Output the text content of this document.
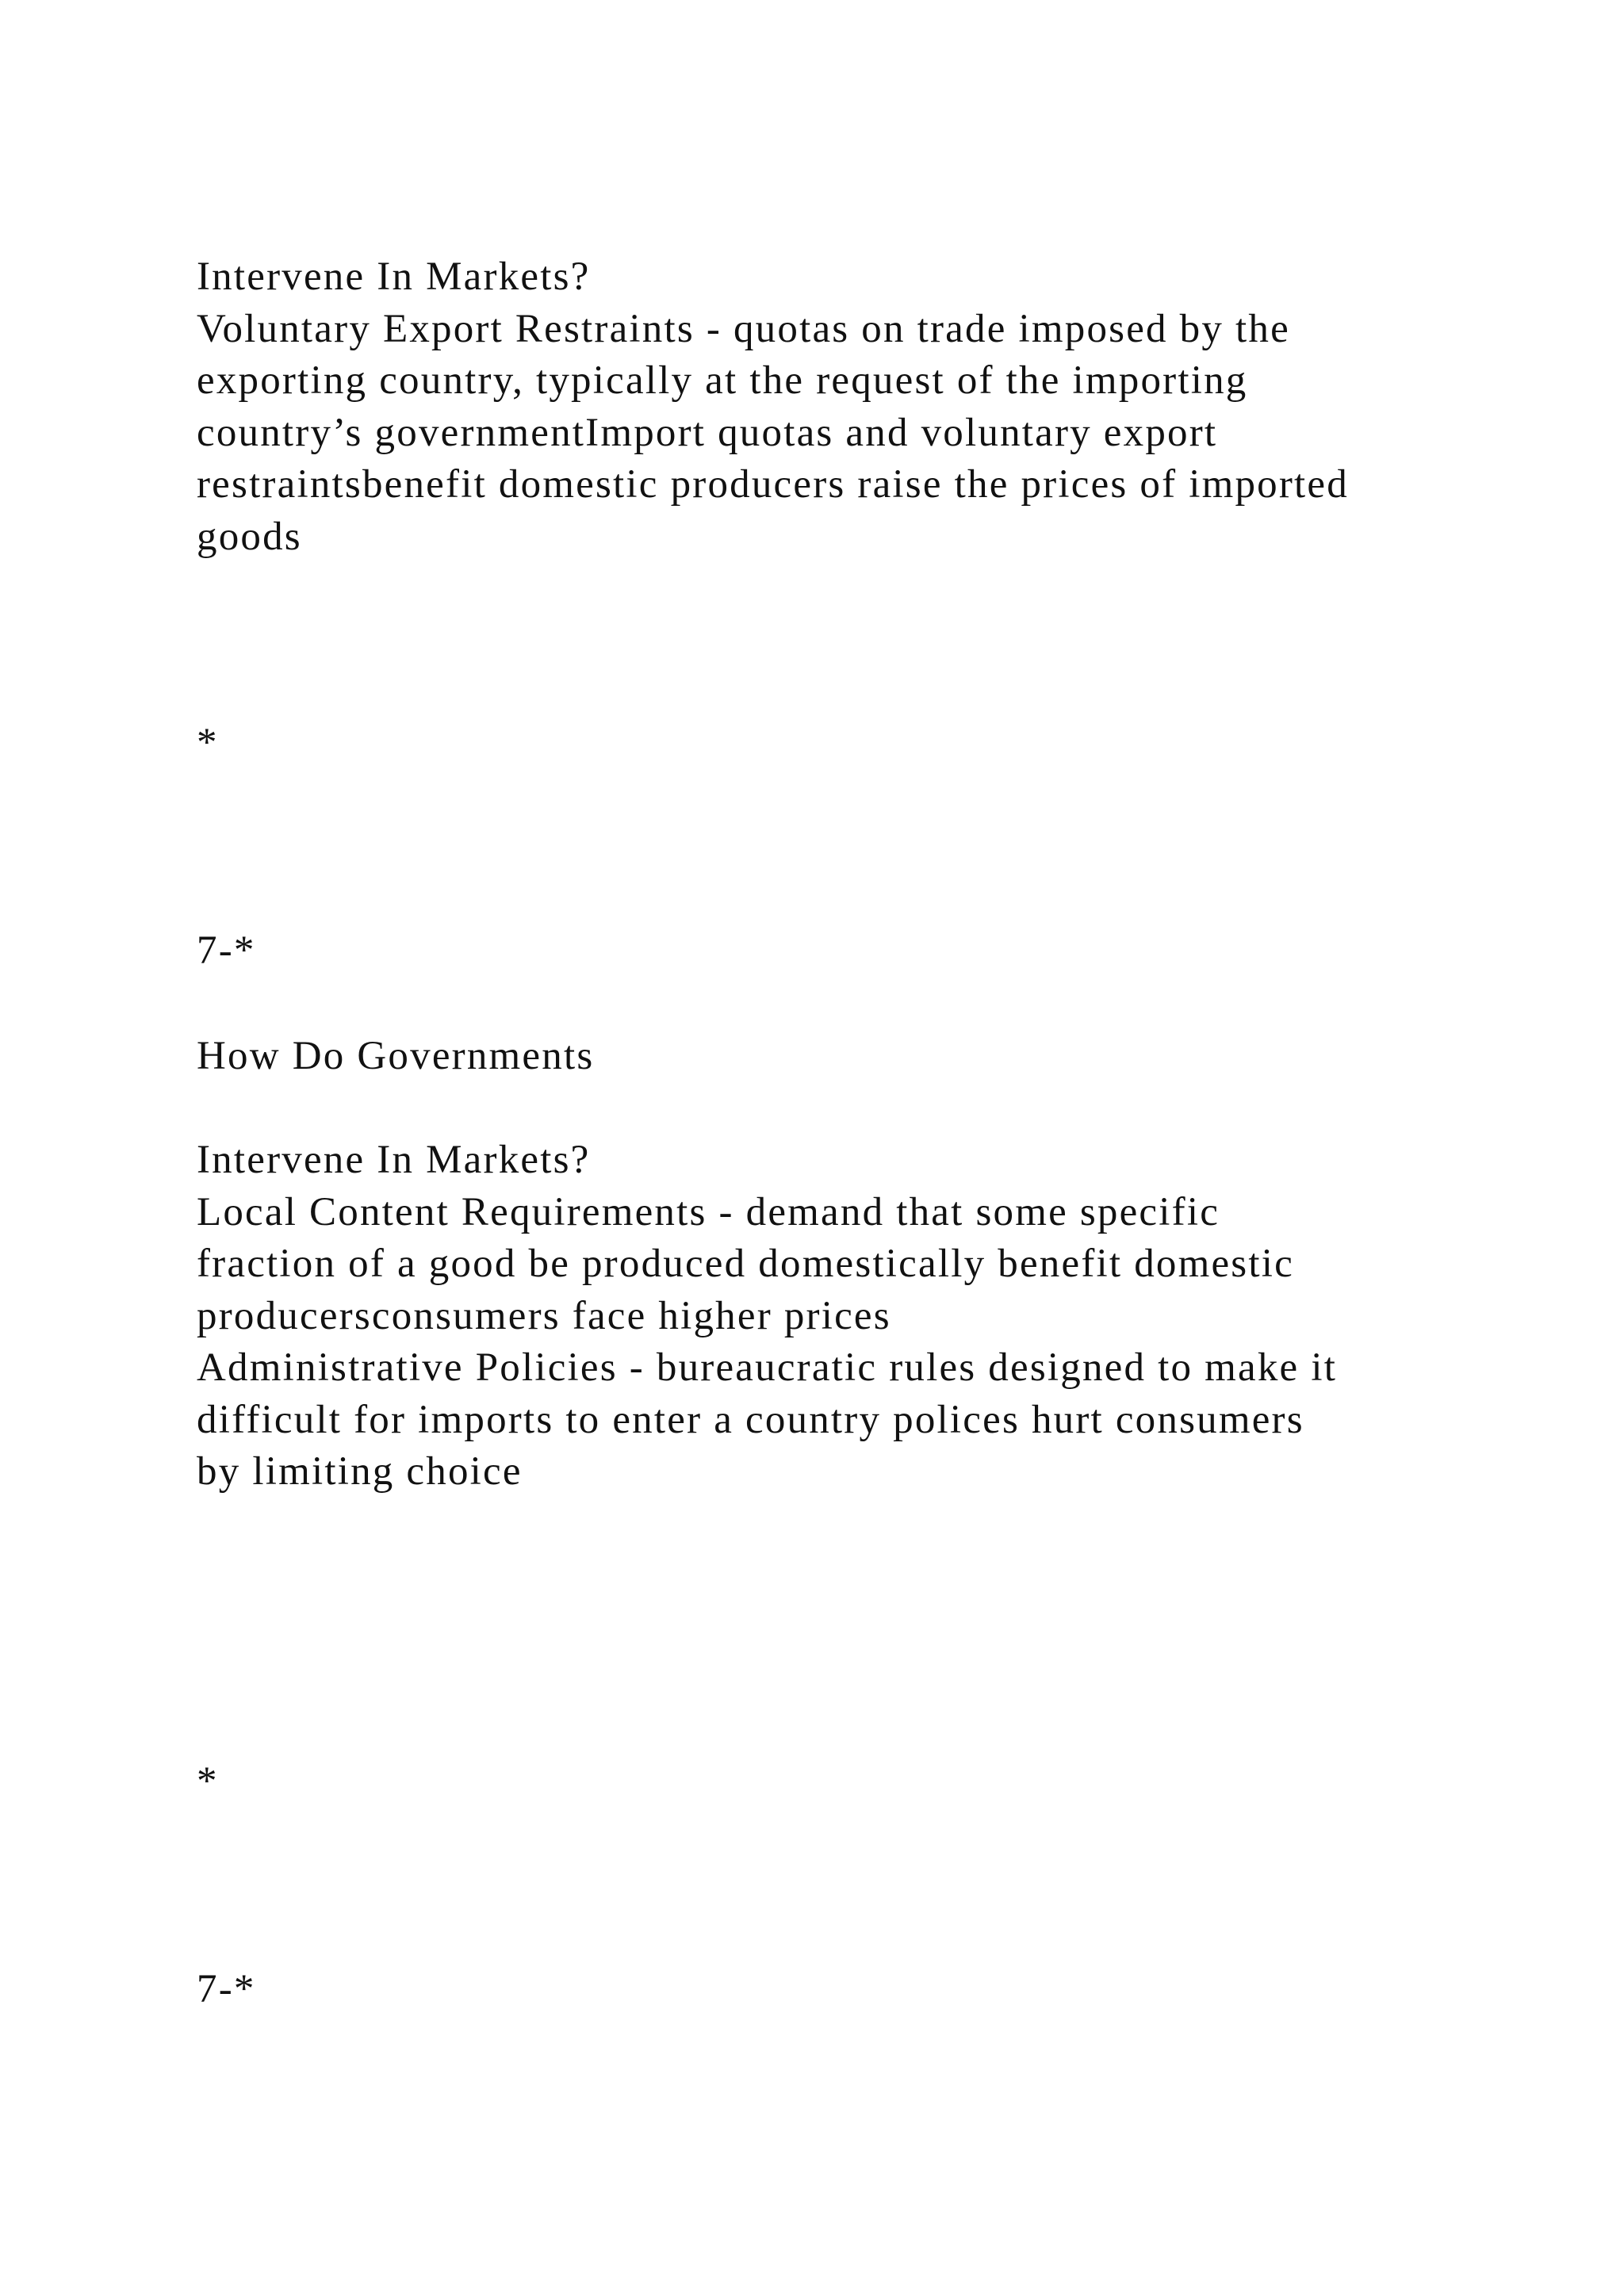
Intervene In Markets?

Voluntary Export Restraints - quotas on trade imposed by the

exporting country, typically at the request of the importing

country’s governmentImport quotas and voluntary export

restraintsbenefit domestic producers raise the prices of imported

goods

*

7-*

How Do Governments

Intervene In Markets?

Local Content Requirements - demand that some specific

fraction of a good be produced domestically benefit domestic

producersconsumers face higher prices

Administrative Policies - bureaucratic rules designed to make it

difficult for imports to enter a country polices hurt consumers

by limiting choice

*

7-*
